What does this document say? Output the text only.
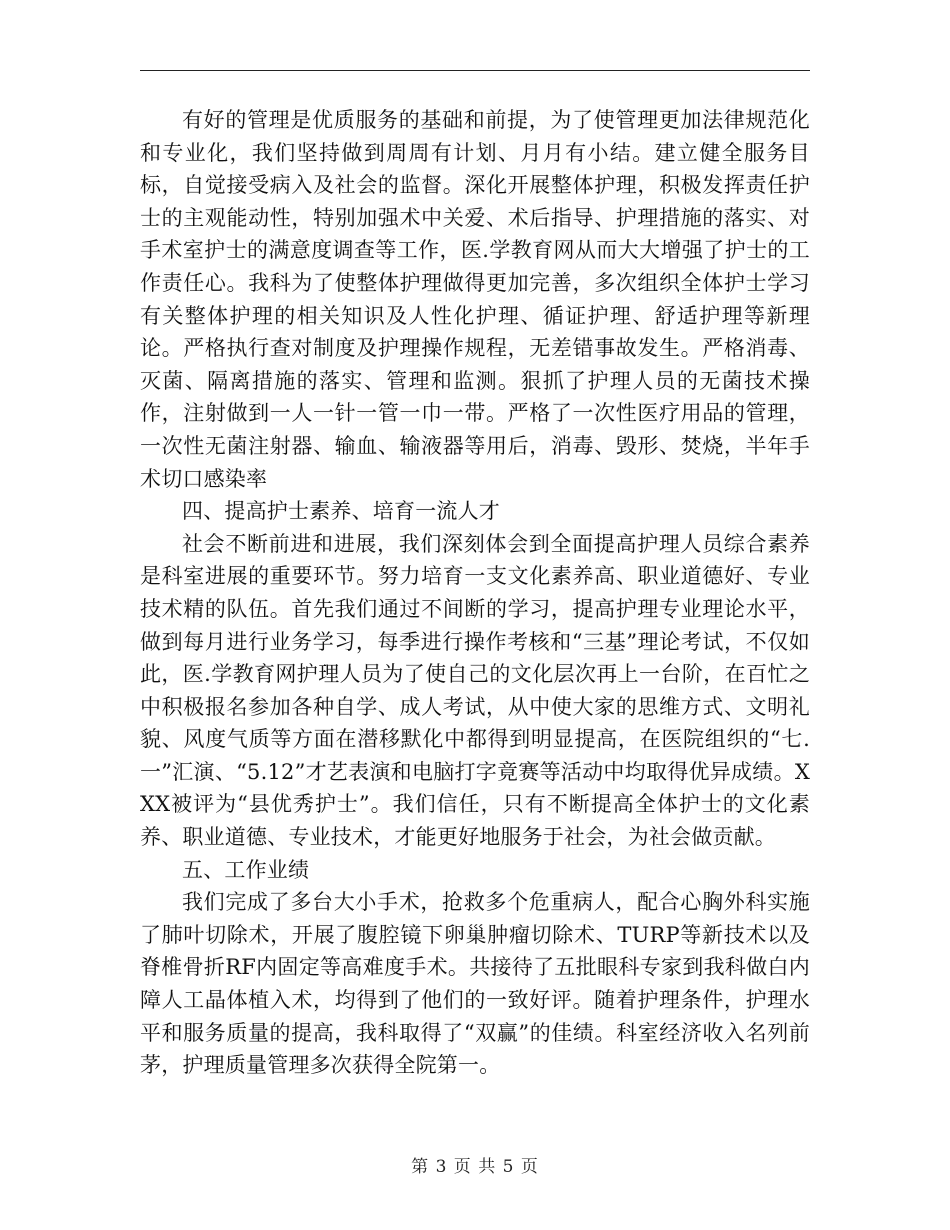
有好的管理是优质服务的基础和前提，为了使管理更加法律规范化和专业化，我们坚持做到周周有计划、月月有小结。建立健全服务目标，自觉接受病入及社会的监督。深化开展整体护理，积极发挥责任护士的主观能动性，特别加强术中关爱、术后指导、护理措施的落实、对手术室护士的满意度调查等工作，医.学教育网从而大大增强了护士的工作责任心。我科为了使整体护理做得更加完善，多次组织全体护士学习有关整体护理的相关知识及人性化护理、循证护理、舒适护理等新理论。严格执行查对制度及护理操作规程，无差错事故发生。严格消毒、灭菌、隔离措施的落实、管理和监测。狠抓了护理人员的无菌技术操作，注射做到一人一针一管一巾一带。严格了一次性医疗用品的管理，一次性无菌注射器、输血、输液器等用后，消毒、毁形、焚烧，半年手术切口感染率

四、提高护士素养、培育一流人才

社会不断前进和进展，我们深刻体会到全面提高护理人员综合素养是科室进展的重要环节。努力培育一支文化素养高、职业道德好、专业技术精的队伍。首先我们通过不间断的学习，提高护理专业理论水平，做到每月进行业务学习，每季进行操作考核和“三基”理论考试，不仅如此，医.学教育网护理人员为了使自己的文化层次再上一台阶，在百忙之中积极报名参加各种自学、成人考试，从中使大家的思维方式、文明礼貌、风度气质等方面在潜移默化中都得到明显提高，在医院组织的“七.一”汇演、“5.12”才艺表演和电脑打字竟赛等活动中均取得优异成绩。XXX被评为“县优秀护士”。我们信任，只有不断提高全体护士的文化素养、职业道德、专业技术，才能更好地服务于社会，为社会做贡献。

五、工作业绩

我们完成了多台大小手术，抢救多个危重病人，配合心胸外科实施了肺叶切除术，开展了腹腔镜下卵巢肿瘤切除术、TURP等新技术以及脊椎骨折RF内固定等高难度手术。共接待了五批眼科专家到我科做白内障人工晶体植入术，均得到了他们的一致好评。随着护理条件，护理水平和服务质量的提高，我科取得了“双赢”的佳绩。科室经济收入名列前茅，护理质量管理多次获得全院第一。

第 3 页 共 5 页
